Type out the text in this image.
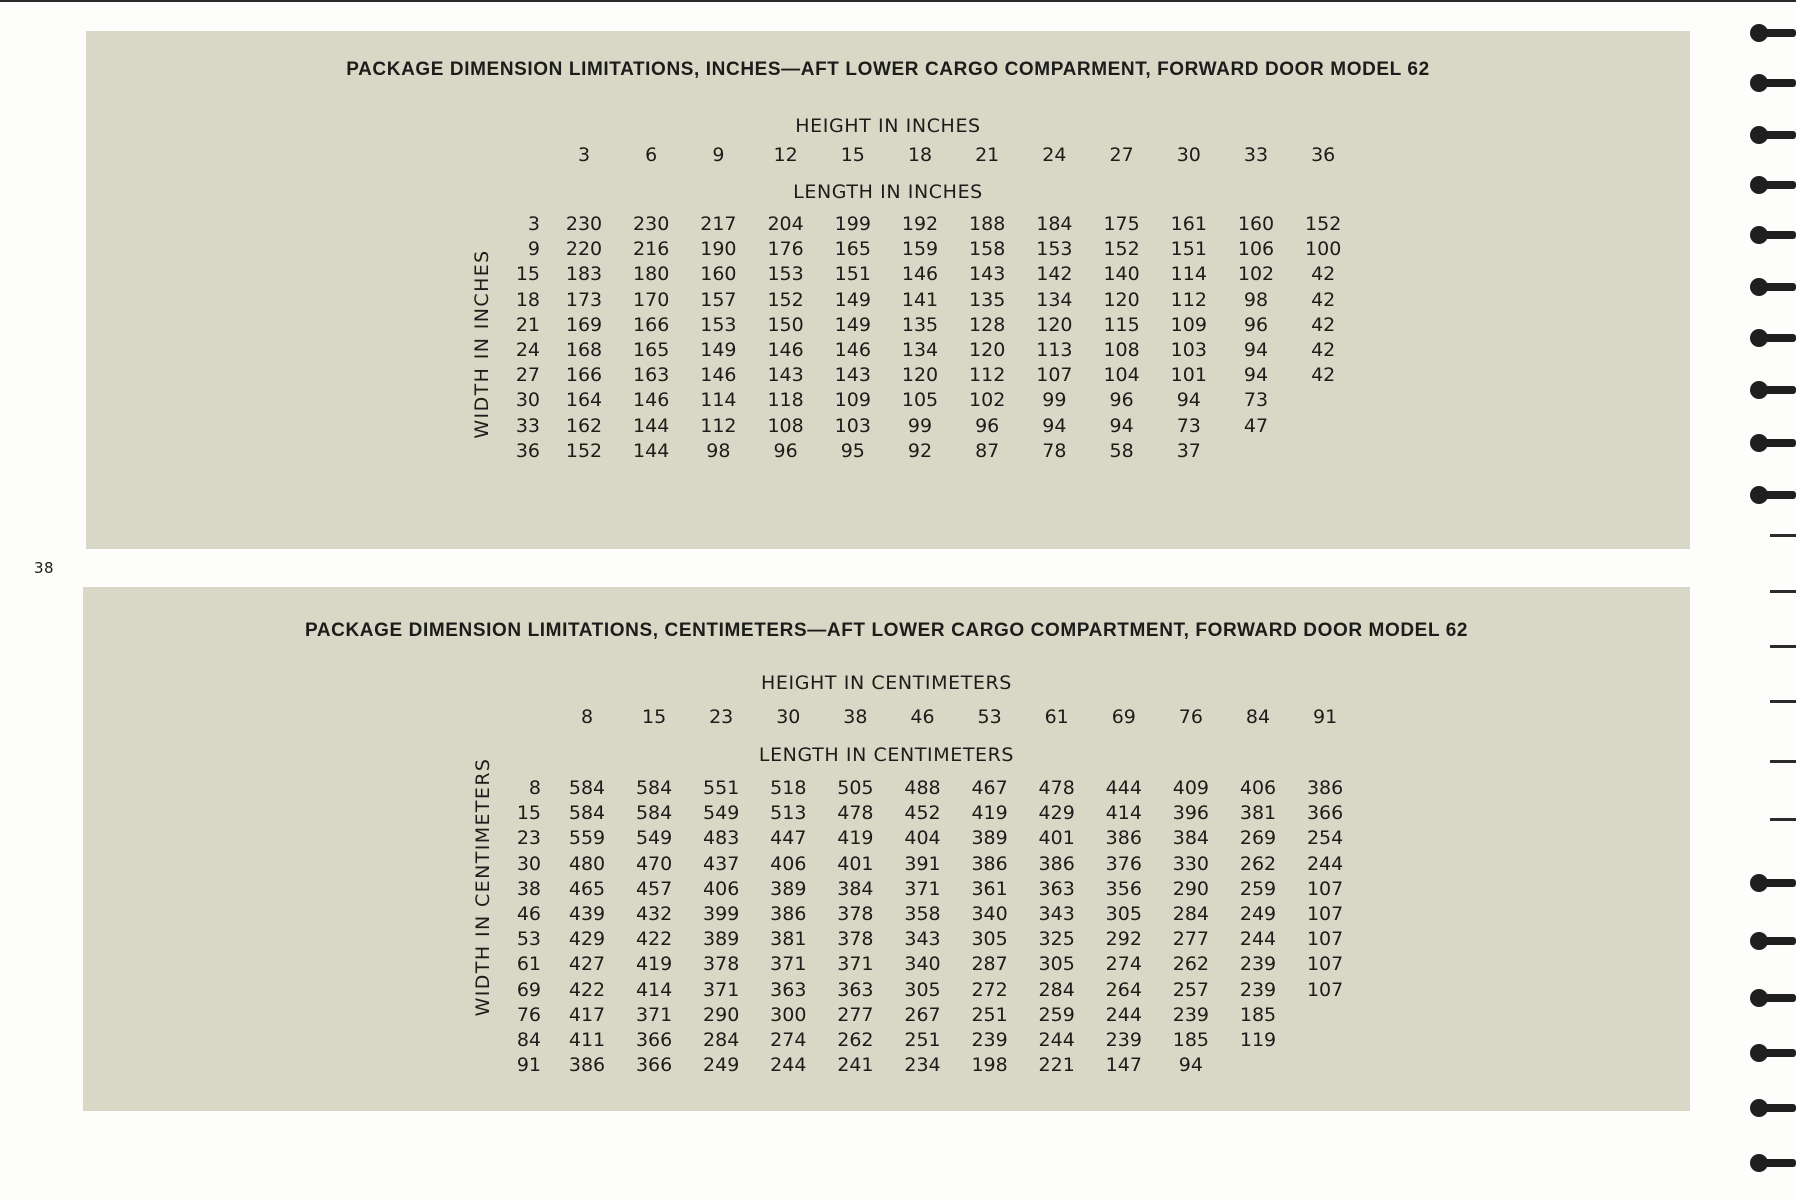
PACKAGE DIMENSION LIMITATIONS, INCHES—AFT LOWER CARGO COMPARMENT, FORWARD DOOR MODEL 62
HEIGHT IN INCHES
LENGTH IN INCHES
WIDTH IN INCHES
3	6	9	12	15	18	21	24	27	30	33	36
3	230	230	217	204	199	192	188	184	175	161	160	152
9	220	216	190	176	165	159	158	153	152	151	106	100
15	183	180	160	153	151	146	143	142	140	114	102	42
18	173	170	157	152	149	141	135	134	120	112	98	42
21	169	166	153	150	149	135	128	120	115	109	96	42
24	168	165	149	146	146	134	120	113	108	103	94	42
27	166	163	146	143	143	120	112	107	104	101	94	42
30	164	146	114	118	109	105	102	99	96	94	73
33	162	144	112	108	103	99	96	94	94	73	47
36	152	144	98	96	95	92	87	78	58	37
38
PACKAGE DIMENSION LIMITATIONS, CENTIMETERS—AFT LOWER CARGO COMPARTMENT, FORWARD DOOR MODEL 62
HEIGHT IN CENTIMETERS
LENGTH IN CENTIMETERS
WIDTH IN CENTIMETERS
8	15	23	30	38	46	53	61	69	76	84	91
8	584	584	551	518	505	488	467	478	444	409	406	386
15	584	584	549	513	478	452	419	429	414	396	381	366
23	559	549	483	447	419	404	389	401	386	384	269	254
30	480	470	437	406	401	391	386	386	376	330	262	244
38	465	457	406	389	384	371	361	363	356	290	259	107
46	439	432	399	386	378	358	340	343	305	284	249	107
53	429	422	389	381	378	343	305	325	292	277	244	107
61	427	419	378	371	371	340	287	305	274	262	239	107
69	422	414	371	363	363	305	272	284	264	257	239	107
76	417	371	290	300	277	267	251	259	244	239	185
84	411	366	284	274	262	251	239	244	239	185	119
91	386	366	249	244	241	234	198	221	147	94
